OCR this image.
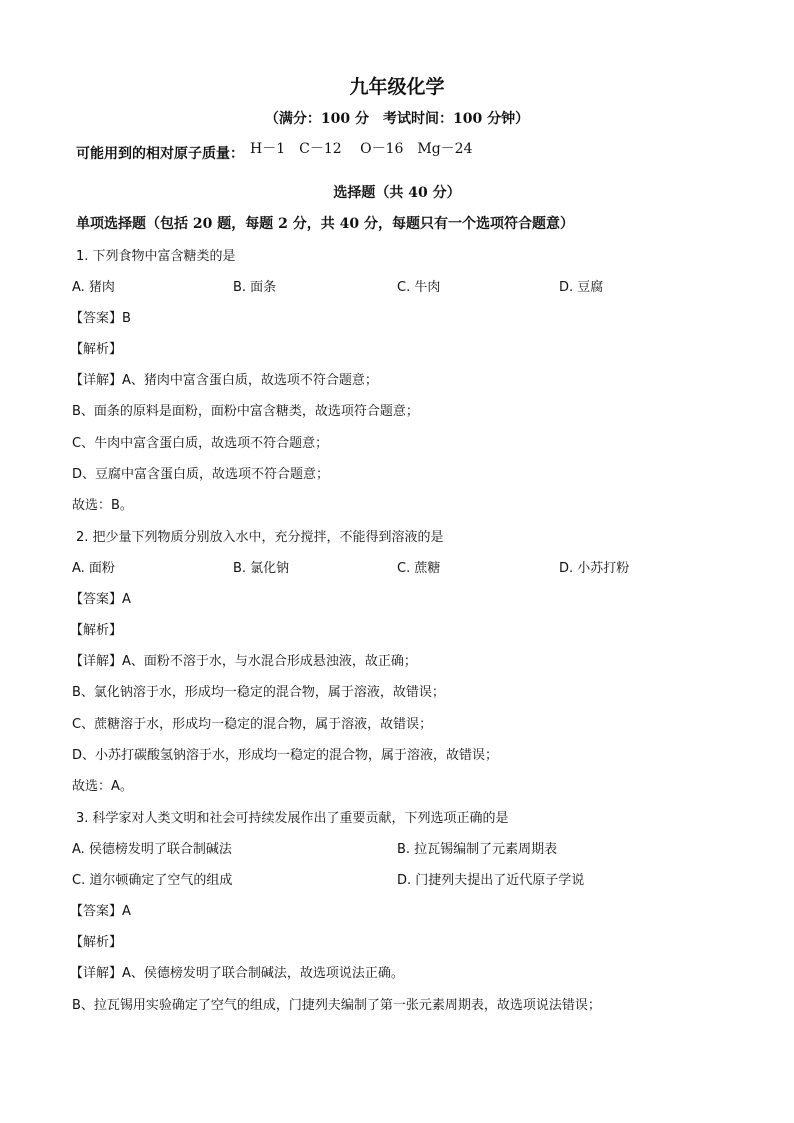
九年级化学
（满分：100 分　考试时间：100 分钟）
可能用到的相对原子质量： H－1　C－12　 O－16　Mg－24
选择题（共 40 分）
单项选择题（包括 20 题，每题 2 分，共 40 分，每题只有一个选项符合题意）
1. 下列食物中富含糖类的是
A. 猪肉	B. 面条	C. 牛肉	D. 豆腐
【答案】B
【解析】
【详解】A、猪肉中富含蛋白质，故选项不符合题意；
B、面条的原料是面粉，面粉中富含糖类，故选项符合题意；
C、牛肉中富含蛋白质，故选项不符合题意；
D、豆腐中富含蛋白质，故选项不符合题意；
故选：B。
2. 把少量下列物质分别放入水中，充分搅拌，不能得到溶液的是
A. 面粉	B. 氯化钠	C. 蔗糖	D. 小苏打粉
【答案】A
【解析】
【详解】A、面粉不溶于水，与水混合形成悬浊液，故正确；
B、氯化钠溶于水，形成均一稳定的混合物，属于溶液，故错误；
C、蔗糖溶于水，形成均一稳定的混合物，属于溶液，故错误；
D、小苏打碳酸氢钠溶于水，形成均一稳定的混合物，属于溶液，故错误；
故选：A。
3. 科学家对人类文明和社会可持续发展作出了重要贡献，下列选项正确的是
A. 侯德榜发明了联合制碱法	B. 拉瓦锡编制了元素周期表
C. 道尔顿确定了空气的组成	D. 门捷列夫提出了近代原子学说
【答案】A
【解析】
【详解】A、侯德榜发明了联合制碱法，故选项说法正确。
B、拉瓦锡用实验确定了空气的组成，门捷列夫编制了第一张元素周期表，故选项说法错误；
